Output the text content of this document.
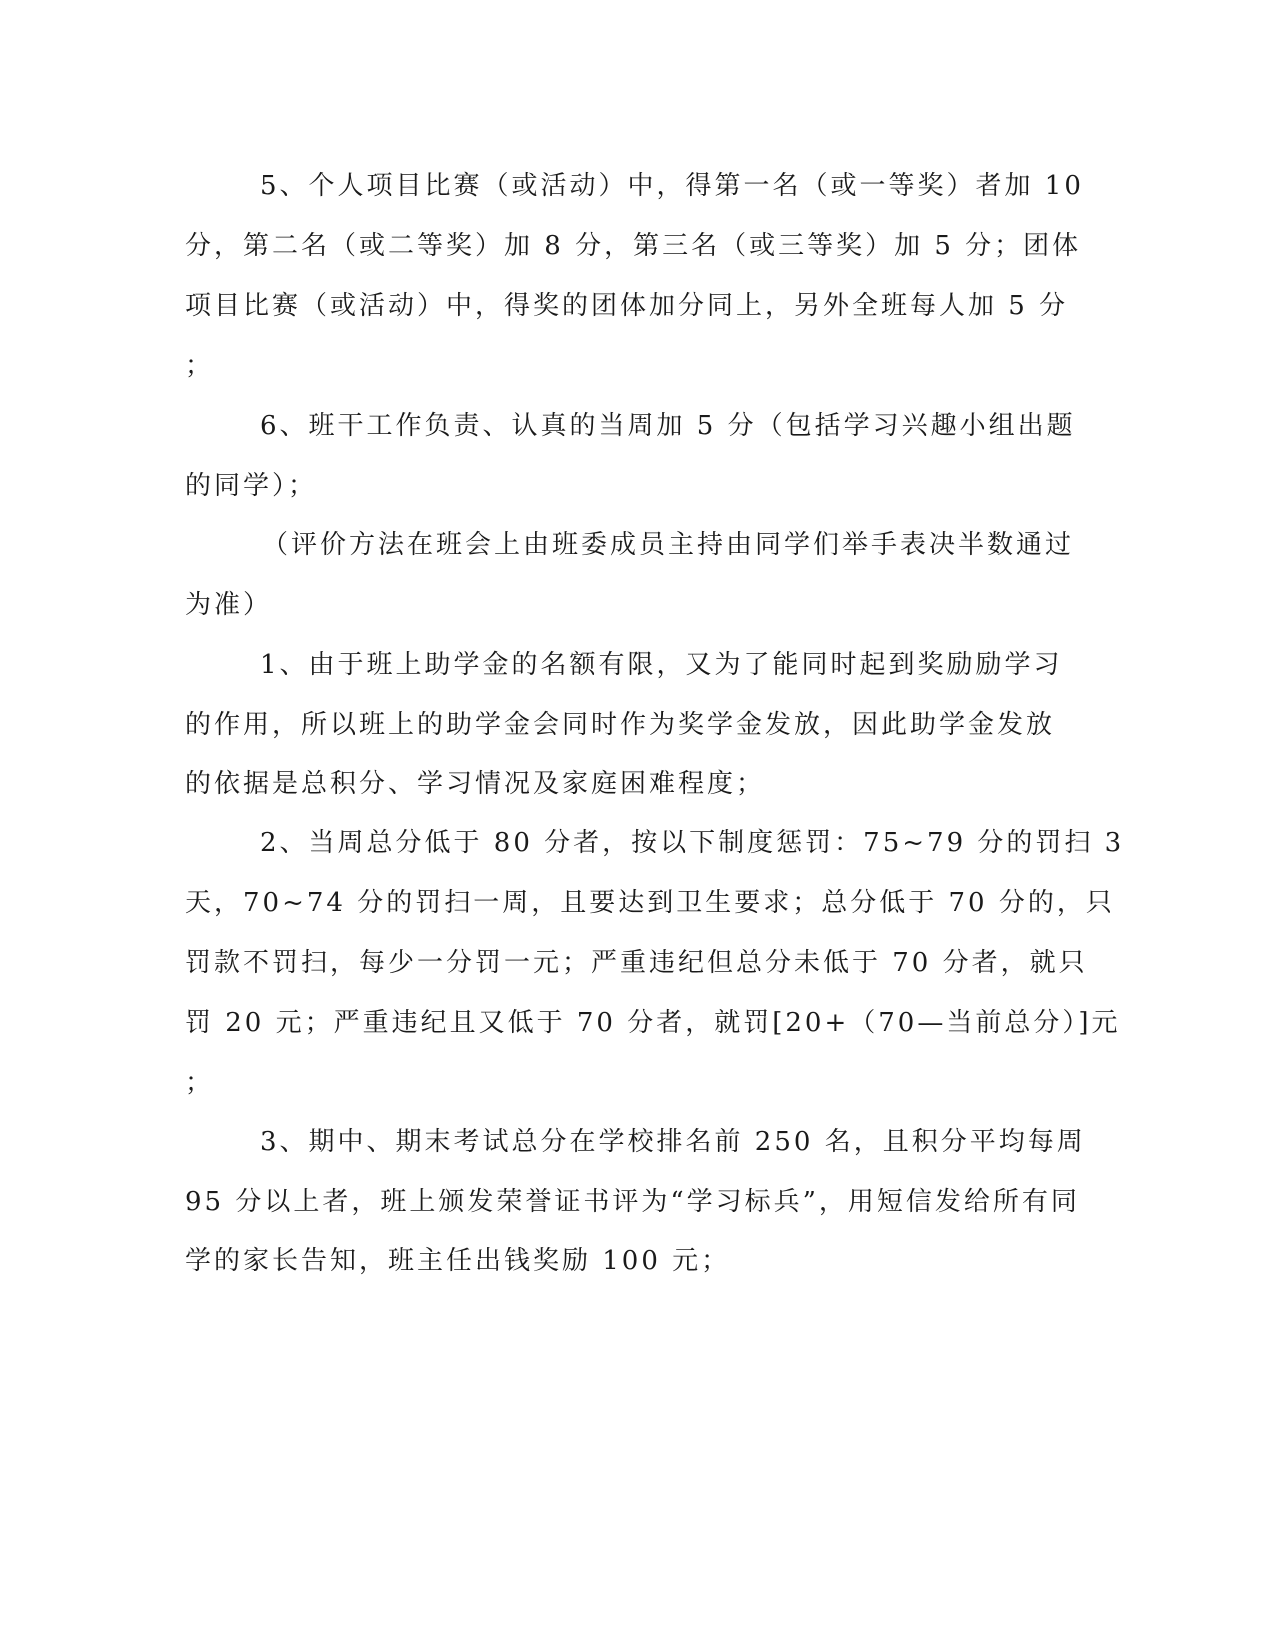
5、个人项目比赛（或活动）中，得第一名（或一等奖）者加 10
分，第二名（或二等奖）加 8 分，第三名（或三等奖）加 5 分；团体
项目比赛（或活动）中，得奖的团体加分同上，另外全班每人加 5 分
；
6、班干工作负责、认真的当周加 5 分（包括学习兴趣小组出题
的同学）；
（评价方法在班会上由班委成员主持由同学们举手表决半数通过
为准）
1、由于班上助学金的名额有限，又为了能同时起到奖励励学习
的作用，所以班上的助学金会同时作为奖学金发放，因此助学金发放
的依据是总积分、学习情况及家庭困难程度；
2、当周总分低于 80 分者，按以下制度惩罚：75~79 分的罚扫 3
天，70~74 分的罚扫一周，且要达到卫生要求；总分低于 70 分的，只
罚款不罚扫，每少一分罚一元；严重违纪但总分未低于 70 分者，就只
罚 20 元；严重违纪且又低于 70 分者，就罚[20+（70—当前总分）]元
；
3、期中、期末考试总分在学校排名前 250 名，且积分平均每周
95 分以上者，班上颁发荣誉证书评为“学习标兵”，用短信发给所有同
学的家长告知，班主任出钱奖励 100 元；
